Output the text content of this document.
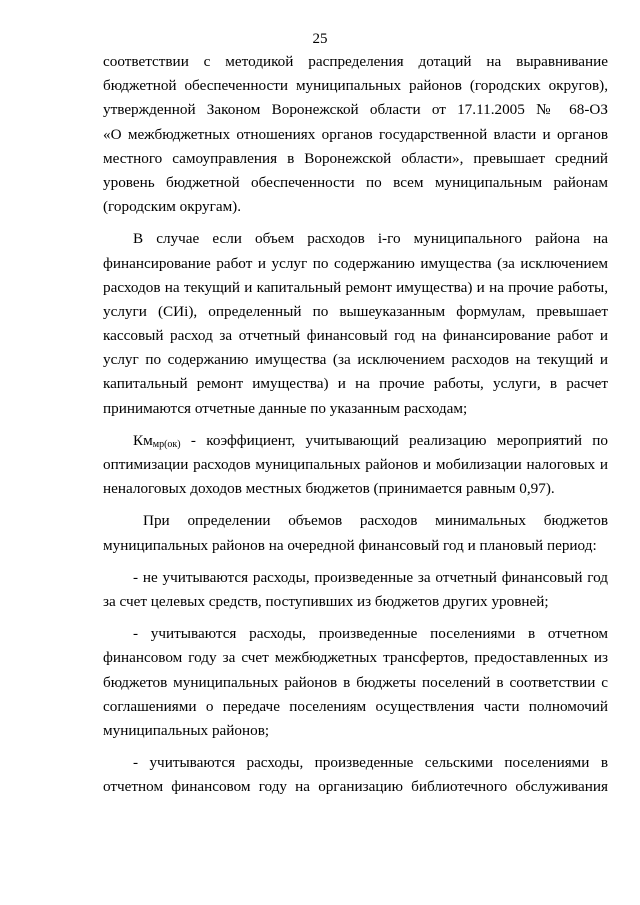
25
соответствии с методикой распределения дотаций на выравнивание
бюджетной обеспеченности муниципальных районов (городских округов),
утвержденной Законом Воронежской области от 17.11.2005 № 68-ОЗ
«О межбюджетных отношениях органов государственной власти и органов
местного самоуправления в Воронежской области», превышает средний
уровень бюджетной обеспеченности по всем муниципальным районам
(городским округам).
В случае если объем расходов i-го муниципального района на
финансирование работ и услуг по содержанию имущества (за исключением
расходов на текущий и капитальный ремонт имущества) и на прочие работы,
услуги (СИi), определенный по вышеуказанным формулам, превышает
кассовый расход за отчетный финансовый год на финансирование работ и
услуг по содержанию имущества (за исключением расходов на текущий и
капитальный ремонт имущества) и на прочие работы, услуги, в расчет
принимаются отчетные данные по указанным расходам;
$Км_{мр(ок)}$ - коэффициент, учитывающий реализацию мероприятий по
оптимизации расходов муниципальных районов и мобилизации налоговых и
неналоговых доходов местных бюджетов (принимается равным 0,97).
При определении объемов расходов минимальных бюджетов
муниципальных районов на очередной финансовый год и плановый период:
- не учитываются расходы, произведенные за отчетный финансовый год
за счет целевых средств, поступивших из бюджетов других уровней;
- учитываются расходы, произведенные поселениями в отчетном
финансовом году за счет межбюджетных трансфертов, предоставленных из
бюджетов муниципальных районов в бюджеты поселений в соответствии с
соглашениями о передаче поселениям осуществления части полномочий
муниципальных районов;
- учитываются расходы, произведенные сельскими поселениями в
отчетном финансовом году на организацию библиотечного обслуживания
